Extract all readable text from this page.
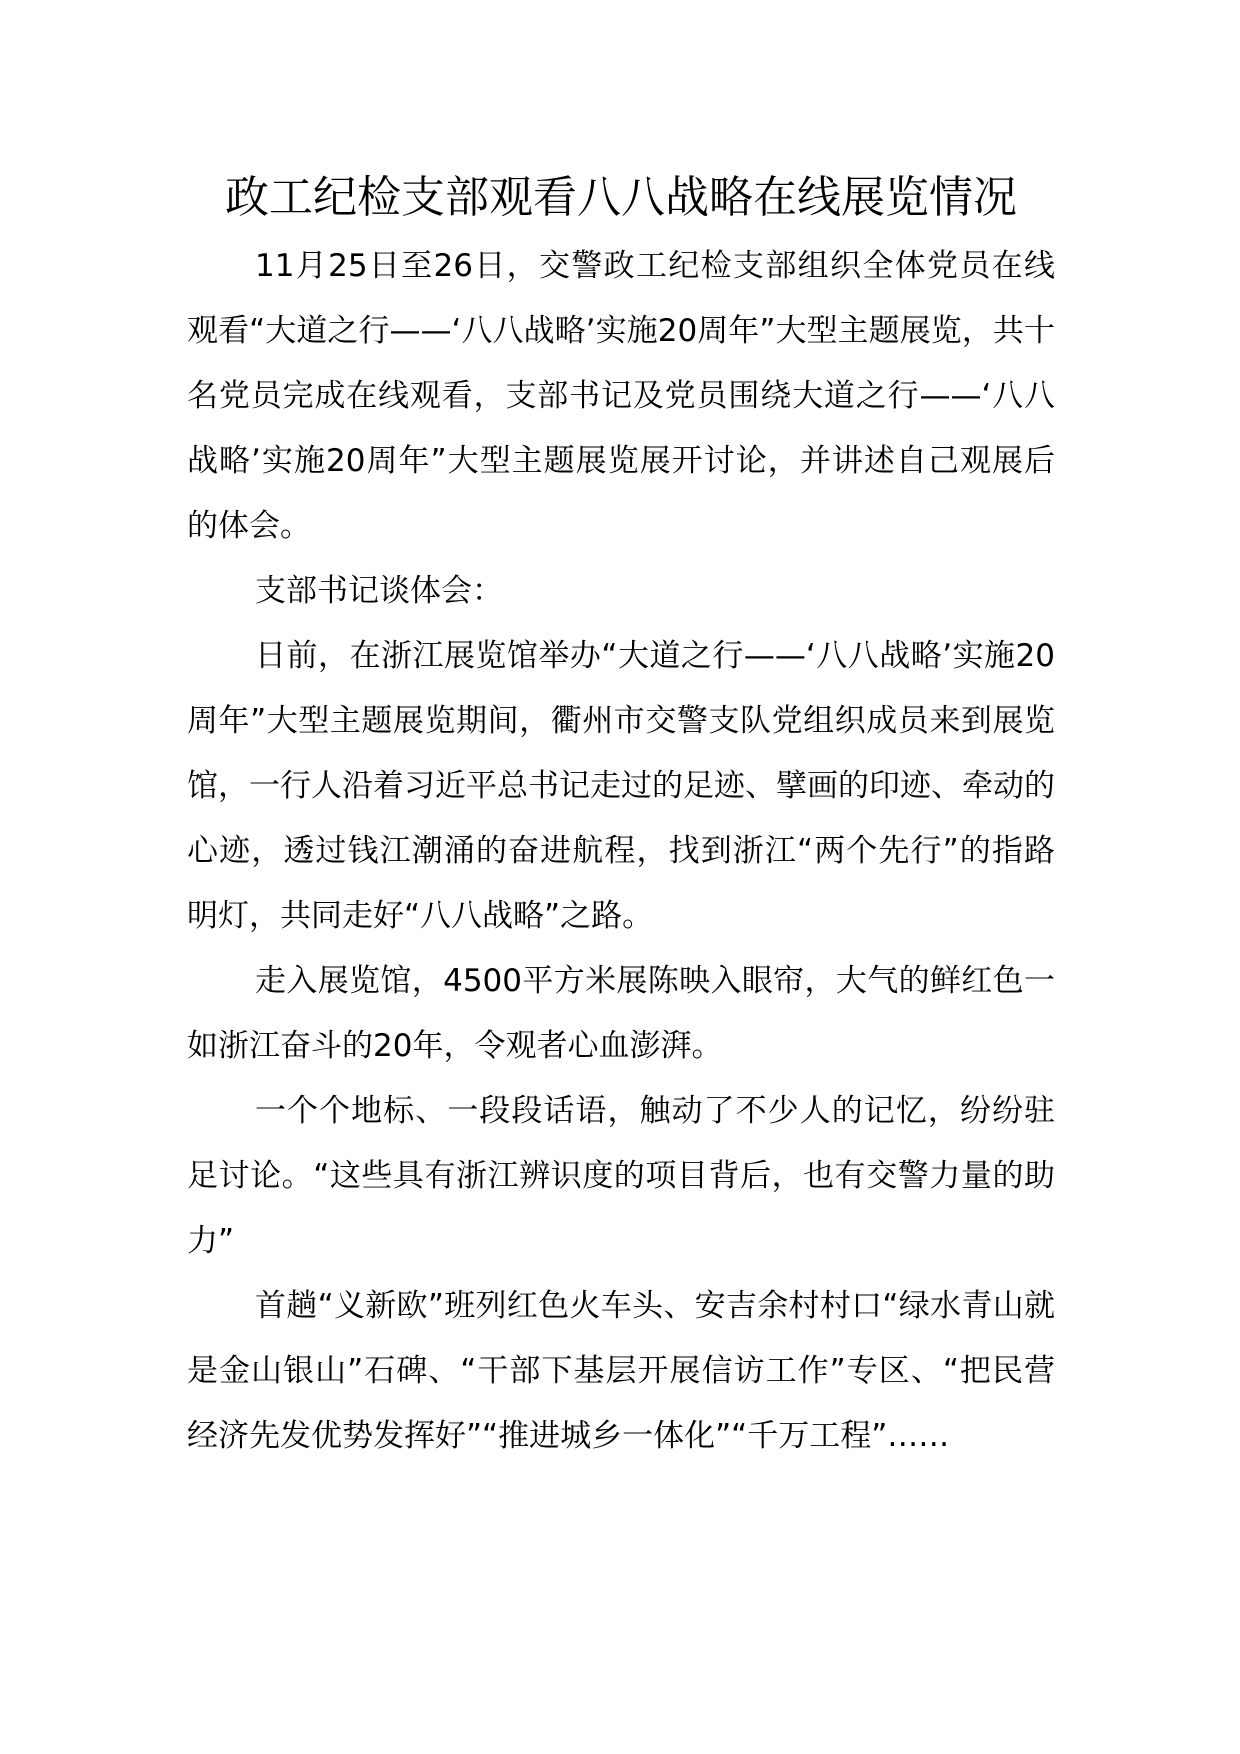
政工纪检支部观看八八战略在线展览情况

11月25日至26日，交警政工纪检支部组织全体党员在线观看“大道之行——‘八八战略’实施20周年”大型主题展览，共十名党员完成在线观看，支部书记及党员围绕大道之行——‘八八战略’实施20周年”大型主题展览展开讨论，并讲述自己观展后的体会。

支部书记谈体会：

日前，在浙江展览馆举办“大道之行——‘八八战略’实施20周年”大型主题展览期间，衢州市交警支队党组织成员来到展览馆，一行人沿着习近平总书记走过的足迹、擘画的印迹、牵动的心迹，透过钱江潮涌的奋进航程，找到浙江“两个先行”的指路明灯，共同走好“八八战略”之路。

走入展览馆，4500平方米展陈映入眼帘，大气的鲜红色一如浙江奋斗的20年，令观者心血澎湃。

一个个地标、一段段话语，触动了不少人的记忆，纷纷驻足讨论。“这些具有浙江辨识度的项目背后，也有交警力量的助力”

首趟“义新欧”班列红色火车头、安吉余村村口“绿水青山就是金山银山”石碑、“干部下基层开展信访工作”专区、“把民营经济先发优势发挥好”“推进城乡一体化”“千万工程”……
